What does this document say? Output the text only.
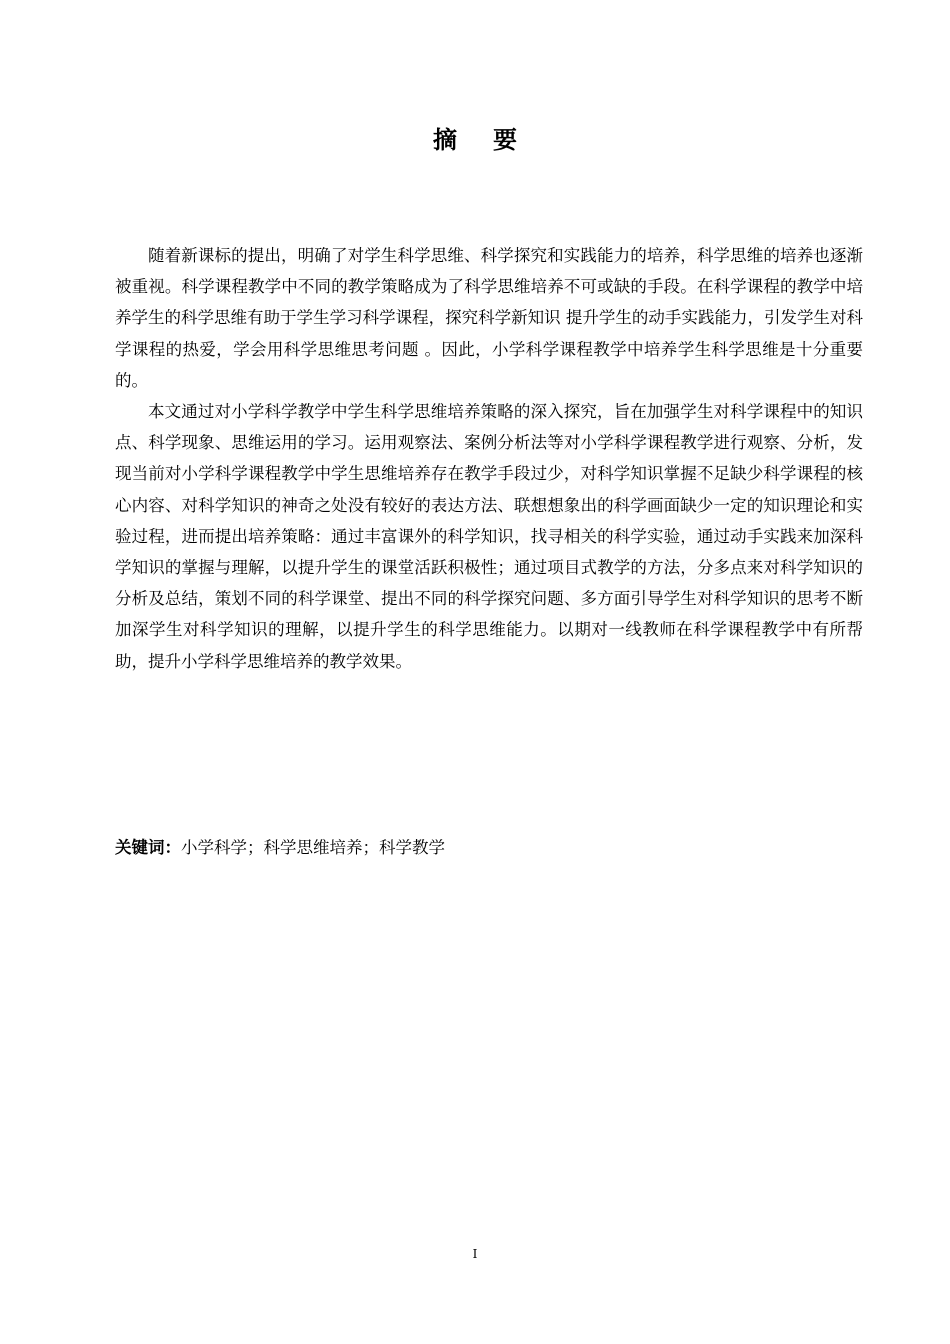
摘 要

随着新课标的提出，明确了对学生科学思维、科学探究和实践能力的培养，科学思维的培养也逐渐被重视。科学课程教学中不同的教学策略成为了科学思维培养不可或缺的手段。在科学课程的教学中培养学生的科学思维有助于学生学习科学课程，探究科学新知识 提升学生的动手实践能力，引发学生对科学课程的热爱，学会用科学思维思考问题 。因此，小学科学课程教学中培养学生科学思维是十分重要的。

本文通过对小学科学教学中学生科学思维培养策略的深入探究，旨在加强学生对科学课程中的知识点、科学现象、思维运用的学习。运用观察法、案例分析法等对小学科学课程教学进行观察、分析，发现当前对小学科学课程教学中学生思维培养存在教学手段过少，对科学知识掌握不足缺少科学课程的核心内容、对科学知识的神奇之处没有较好的表达方法、联想想象出的科学画面缺少一定的知识理论和实验过程，进而提出培养策略：通过丰富课外的科学知识，找寻相关的科学实验，通过动手实践来加深科学知识的掌握与理解，以提升学生的课堂活跃积极性；通过项目式教学的方法，分多点来对科学知识的分析及总结，策划不同的科学课堂、提出不同的科学探究问题、多方面引导学生对科学知识的思考不断加深学生对科学知识的理解，以提升学生的科学思维能力。以期对一线教师在科学课程教学中有所帮助，提升小学科学思维培养的教学效果。

关键词：小学科学；科学思维培养；科学教学
I
